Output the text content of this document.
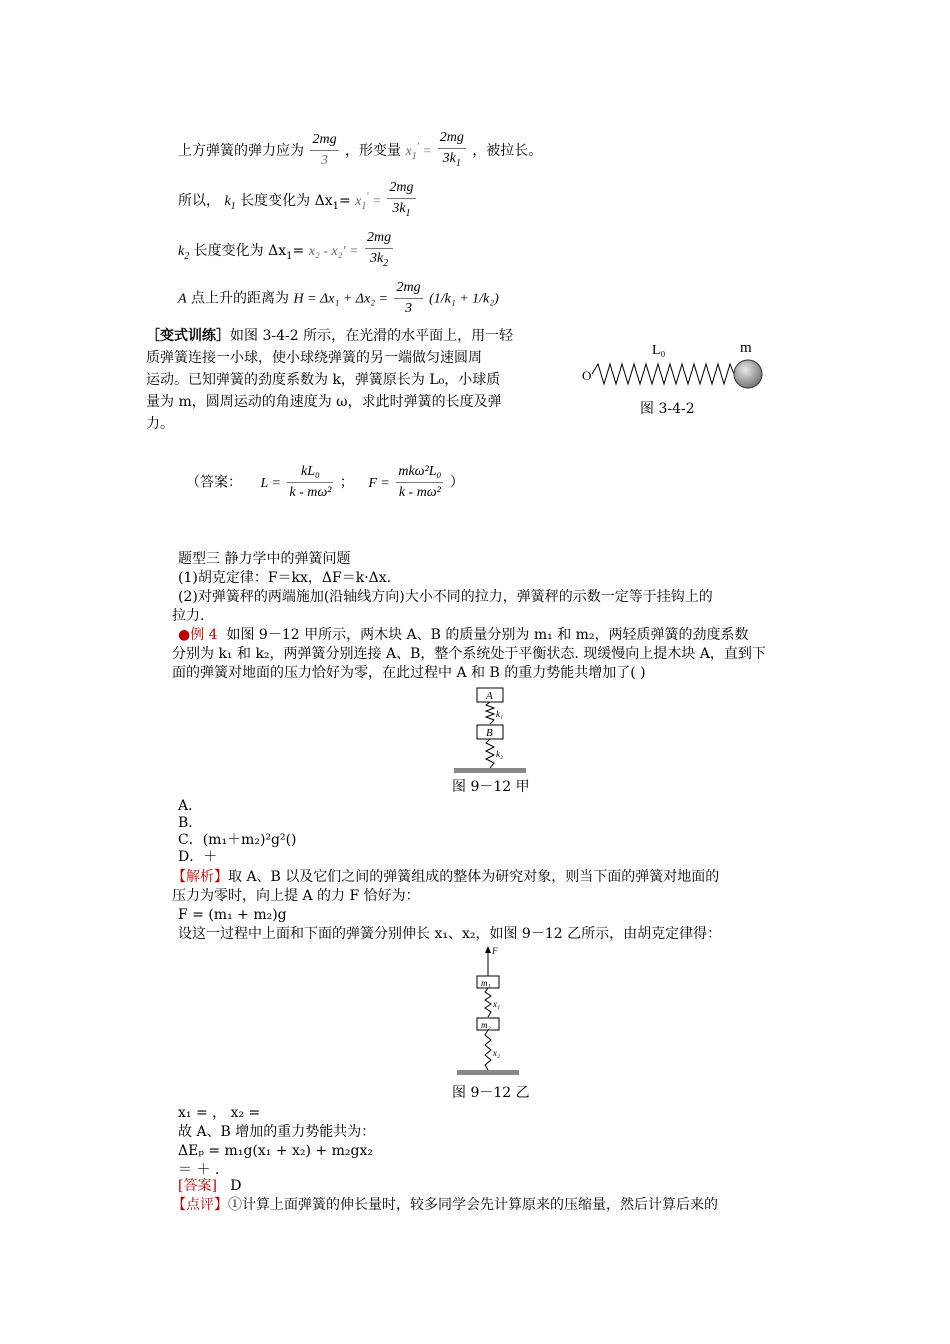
上方弹簧的弹力应为 $\frac{2mg}{3}$ ，形变量 $x_1' = \frac{2mg}{3k_1}$ ，被拉长。
所以， $k_1$ 长度变化为 $\Delta x_1= x_1' = \frac{2mg}{3k_1}$
$k_2$ 长度变化为 $\Delta x_1= x_2 - x_2' = \frac{2mg}{3k_2}$
A 点上升的距离为 $H = \Delta x_1 + \Delta x_2 = \frac{2mg}{3} (1/k_1 + 1/k_2)$
［变式训练］如图 3-4-2 所示，在光滑的水平面上，用一轻
质弹簧连接一小球，使小球绕弹簧的另一端做匀速圆周
运动。已知弹簧的劲度系数为 k，弹簧原长为 L₀，小球质
量为 m，圆周运动的角速度为 ω，求此时弹簧的长度及弹
力。
L₀	m
O
图 3-4-2
（答案： $L = \frac{\text{kL₀}}{\text{k - mω²}}$ ； $F = \frac{\text{mkω²L₀}}{\text{k - mω²}}$ ）
题型三 静力学中的弹簧问题
(1)胡克定律：F＝kx，ΔF＝k·Δx.
(2)对弹簧秤的两端施加(沿轴线方向)大小不同的拉力，弹簧秤的示数一定等于挂钩上的
拉力.
●例 4 如图 9－12 甲所示，两木块 A、B 的质量分别为 m₁ 和 m₂，两轻质弹簧的劲度系数
分别为 k₁ 和 k₂，两弹簧分别连接 A、B，整个系统处于平衡状态. 现缓慢向上提木块 A，直到下
面的弹簧对地面的压力恰好为零，在此过程中 A 和 B 的重力势能共增加了( )
A
k₁
B
k₂
图 9－12 甲
A．
B．
C．(m₁＋m₂)²g²()
D．＋
【解析】取 A、B 以及它们之间的弹簧组成的整体为研究对象，则当下面的弹簧对地面的
压力为零时，向上提 A 的力 F 恰好为：
F = (m₁ + m₂)g
设这一过程中上面和下面的弹簧分别伸长 x₁、x₂，如图 9－12 乙所示，由胡克定律得：
F
m₁
x₁
m₂
x₂
图 9－12 乙
x₁ = ， x₂ =
故 A、B 增加的重力势能共为：
ΔEₚ = m₁g(x₁ + x₂) + m₂gx₂
＝ ＋ .
[答案] D
【点评】①计算上面弹簧的伸长量时，较多同学会先计算原来的压缩量，然后计算后来的
